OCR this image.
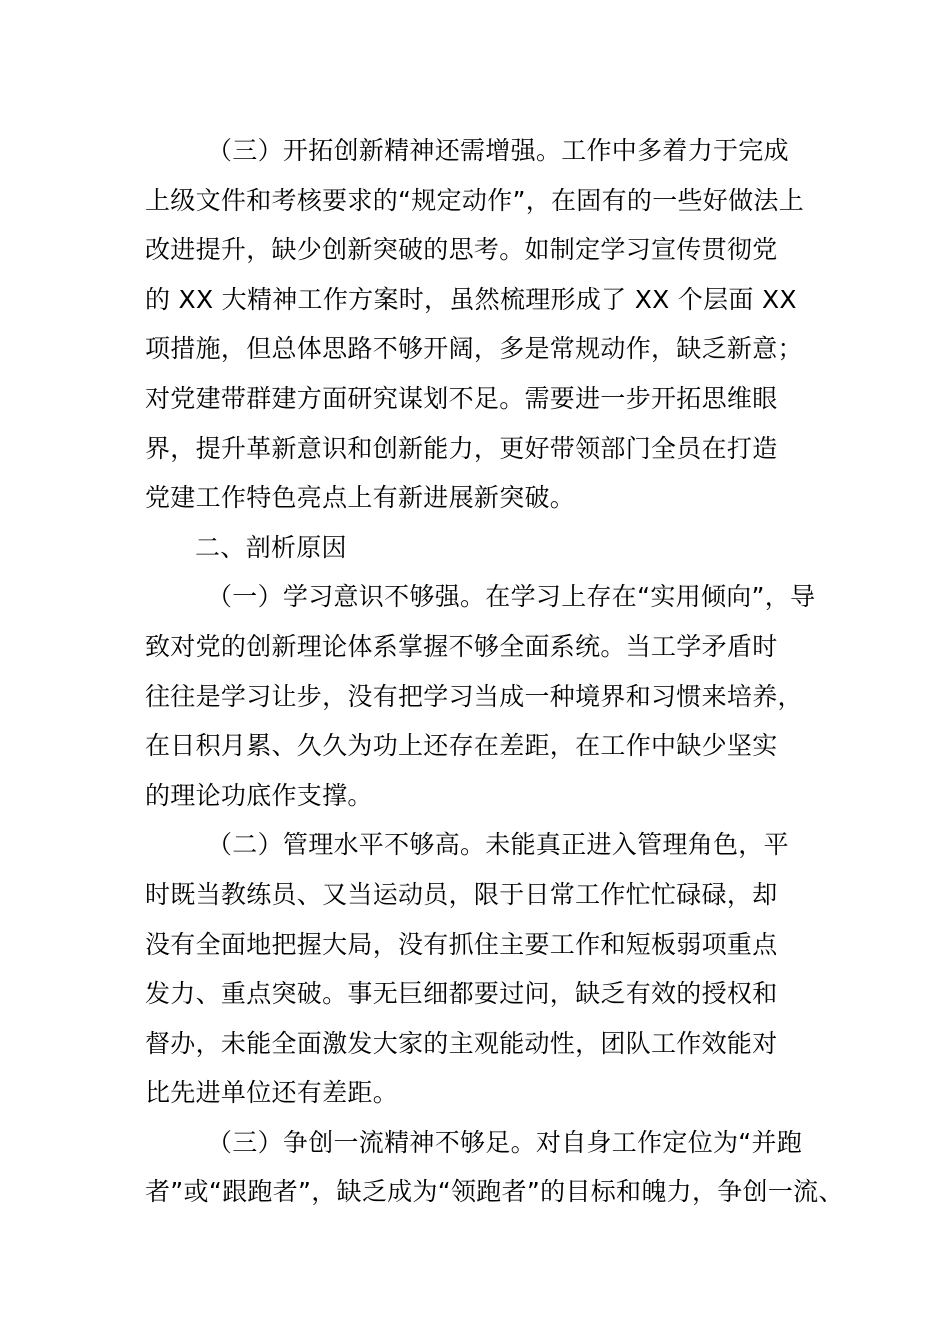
（三）开拓创新精神还需增强。工作中多着力于完成
上级文件和考核要求的“规定动作”，在固有的一些好做法上
改进提升，缺少创新突破的思考。如制定学习宣传贯彻党
的 XX 大精神工作方案时，虽然梳理形成了 XX 个层面 XX
项措施，但总体思路不够开阔，多是常规动作，缺乏新意；
对党建带群建方面研究谋划不足。需要进一步开拓思维眼
界，提升革新意识和创新能力，更好带领部门全员在打造
党建工作特色亮点上有新进展新突破。
二、剖析原因
（一）学习意识不够强。在学习上存在“实用倾向”，导
致对党的创新理论体系掌握不够全面系统。当工学矛盾时
往往是学习让步，没有把学习当成一种境界和习惯来培养，
在日积月累、久久为功上还存在差距，在工作中缺少坚实
的理论功底作支撑。
（二）管理水平不够高。未能真正进入管理角色，平
时既当教练员、又当运动员，限于日常工作忙忙碌碌，却
没有全面地把握大局，没有抓住主要工作和短板弱项重点
发力、重点突破。事无巨细都要过问，缺乏有效的授权和
督办，未能全面激发大家的主观能动性，团队工作效能对
比先进单位还有差距。
（三）争创一流精神不够足。对自身工作定位为“并跑
者”或“跟跑者”，缺乏成为“领跑者”的目标和魄力，争创一流、
